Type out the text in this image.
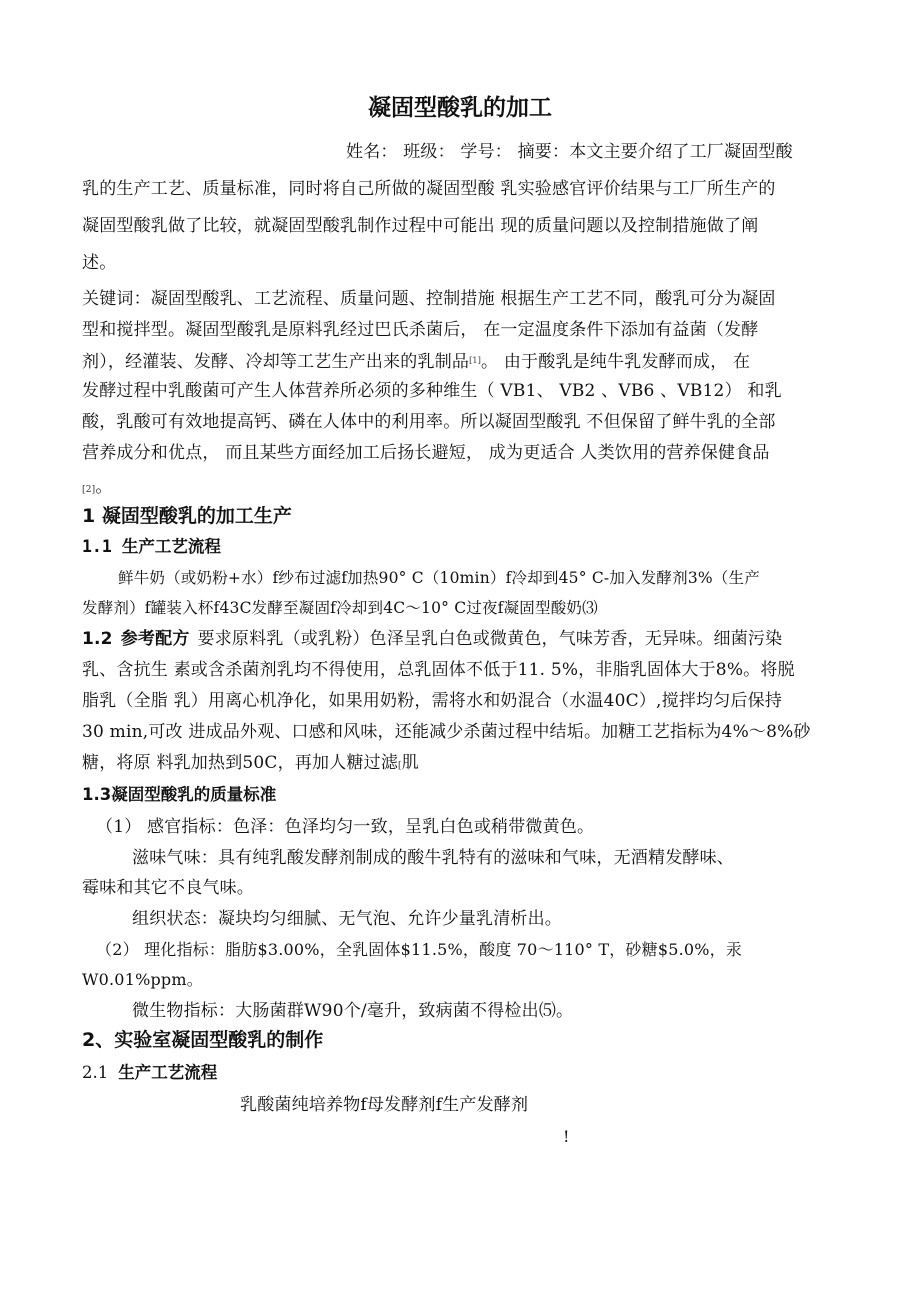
凝固型酸乳的加工
姓名： 班级： 学号： 摘要：本文主要介绍了工厂凝固型酸
乳的生产工艺、质量标准，同时将自己所做的凝固型酸 乳实验感官评价结果与工厂所生产的
凝固型酸乳做了比较，就凝固型酸乳制作过程中可能出 现的质量问题以及控制措施做了阐
述。
关键词：凝固型酸乳、工艺流程、质量问题、控制措施 根据生产工艺不同，酸乳可分为凝固
型和搅拌型。凝固型酸乳是原料乳经过巴氏杀菌后， 在一定温度条件下添加有益菌（发酵
剂），经灌装、发酵、冷却等工艺生产出来的乳制品[1]。 由于酸乳是纯牛乳发酵而成， 在
发酵过程中乳酸菌可产生人体营养所必须的多种维生（ VB1、 VB2 、VB6 、VB12） 和乳
酸，乳酸可有效地提高钙、磷在人体中的利用率。所以凝固型酸乳 不但保留了鲜牛乳的全部
营养成分和优点， 而且某些方面经加工后扬长避短， 成为更适合 人类饮用的营养保健食品
[2]。
1 凝固型酸乳的加工生产
1.1 生产工艺流程
鲜牛奶（或奶粉+水）f纱布过滤f加热90° C（10min）f冷却到45° C-加入发酵剂3%（生产
发酵剂）f罐装入杯f43C发酵至凝固f冷却到4C〜10° C过夜f凝固型酸奶⑶
1.2 参考配方 要求原料乳（或乳粉）色泽呈乳白色或微黄色，气味芳香，无异味。细菌污染
乳、含抗生 素或含杀菌剂乳均不得使用，总乳固体不低于11. 5%，非脂乳固体大于8%。将脱
脂乳（全脂 乳）用离心机净化，如果用奶粉，需将水和奶混合（水温40C）,搅拌均匀后保持
30 min,可改 进成品外观、口感和风味，还能减少杀菌过程中结垢。加糖工艺指标为4%〜8%砂
糖，将原 料乳加热到50C，再加人糖过滤[肌
1.3凝固型酸乳的质量标准
（1） 感官指标：色泽：色泽均匀一致，呈乳白色或稍带微黄色。
滋味气味：具有纯乳酸发酵剂制成的酸牛乳特有的滋味和气味，无酒精发酵味、
霉味和其它不良气味。
组织状态：凝块均匀细腻、无气泡、允许少量乳清析出。
（2） 理化指标：脂肪$3.00%，全乳固体$11.5%，酸度 70〜110° T，砂糖$5.0%，汞
W0.01%ppm。
微生物指标：大肠菌群W90个/毫升，致病菌不得检出⑸。
2、实验室凝固型酸乳的制作
2.1 生产工艺流程
乳酸菌纯培养物f母发酵剂f生产发酵剂
!
